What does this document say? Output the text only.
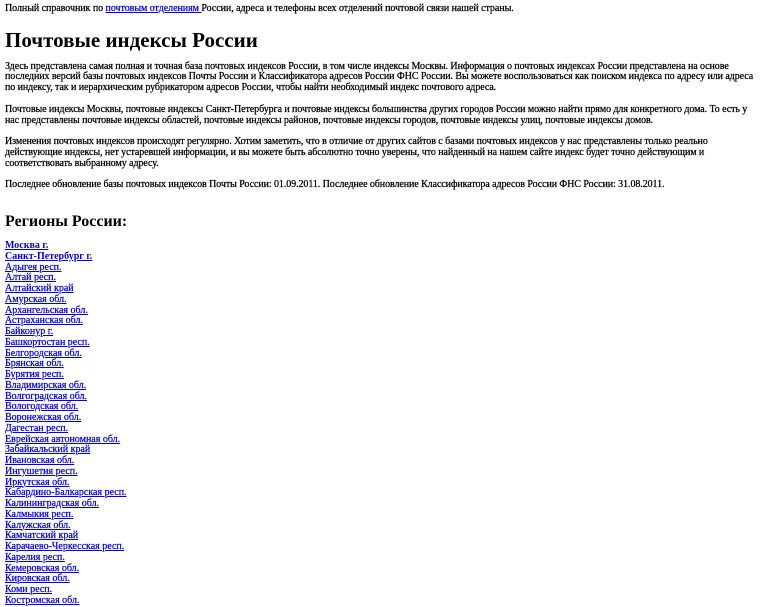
Полный справочник по почтовым отделениям России, адреса и телефоны всех отделений почтовой связи нашей страны.
Почтовые индексы России

Здесь представлена самая полная и точная база почтовых индексов России, в том числе индексы Москвы. Информация о почтовых индексах России представлена на основе последних версий базы почтовых индексов Почты России и Классификатора адресов России ФНС России. Вы можете воспользоваться как поиском индекса по адресу или адреса по индексу, так и иерархическим рубрикатором адресов России, чтобы найти необходимый индекс почтового адреса.

Почтовые индексы Москвы, почтовые индексы Санкт-Петербурга и почтовые индексы большинства других городов России можно найти прямо для конкретного дома. То есть у нас представлены почтовые индексы областей, почтовые индексы районов, почтовые индексы городов, почтовые индексы улиц, почтовые индексы домов.

Изменения почтовых индексов происходят регулярно. Хотим заметить, что в отличие от других сайтов с базами почтовых индексов у нас представлены только реально действующие индексы, нет устаревшей информации, и вы можете быть абсолютно точно уверены, что найденный на нашем сайте индекс будет точно действующим и соответствовать выбранному адресу.

Последнее обновление базы почтовых индексов Почты России: 01.09.2011. Последнее обновление Классификатора адресов России ФНС России: 31.08.2011.

Регионы России:
Москва г.
Санкт-Петербург г.
Адыгея респ.
Алтай респ.
Алтайский край
Амурская обл.
Архангельская обл.
Астраханская обл.
Байконур г.
Башкортостан респ.
Белгородская обл.
Брянская обл.
Бурятия респ.
Владимирская обл.
Волгоградская обл.
Вологодская обл.
Воронежская обл.
Дагестан респ.
Еврейская автономная обл.
Забайкальский край
Ивановская обл.
Ингушетия респ.
Иркутская обл.
Кабардино-Балкарская респ.
Калининградская обл.
Калмыкия респ.
Калужская обл.
Камчатский край
Карачаево-Черкесская респ.
Карелия респ.
Кемеровская обл.
Кировская обл.
Коми респ.
Костромская обл.
